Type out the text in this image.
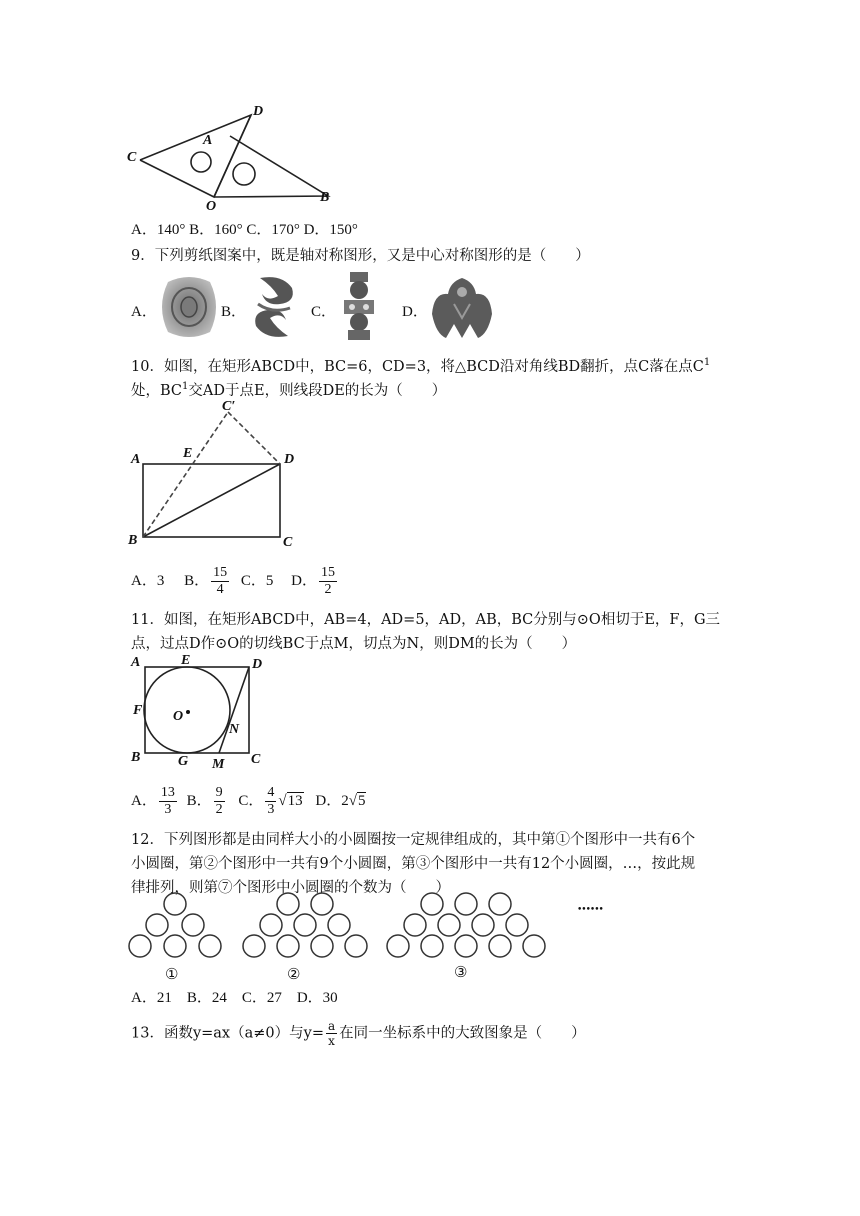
C
A
D
O
B
A．140° B．160° C．170° D．150°
9．下列剪纸图案中，既是轴对称图形，又是中心对称图形的是（　　）
A．	B．	C．	D．
10．如图，在矩形ABCD中，BC=6，CD=3，将△BCD沿对角线BD翻折，点C落在点$C^1$
处，$BC^1$交AD于点E，则线段DE的长为（　　）
C′
A	E	D
B	C
A．3 B． $\frac{15}{4}$ C．5 D． $\frac{15}{2}$
11．如图，在矩形ABCD中，AB=4，AD=5，AD，AB，BC分别与⊙O相切于E，F，G三
点，过点D作⊙O的切线BC于点M，切点为N，则DM的长为（　　）
A	E	D
F O
N
B	G M C
A． $\frac{13}{3}$ B． $\frac{9}{2}$ C． $\frac{4}{3} √13$ D．2√5
12．下列图形都是由同样大小的小圆圈按一定规律组成的，其中第①个图形中一共有6个
小圆圈，第②个图形中一共有9个小圆圈，第③个图形中一共有12个小圆圈，…，按此规
律排列，则第⑦个图形中小圆圈的个数为（　　）
①	②	③
••••••
A．21　B．24　C．27　D．30
13．函数y=ax（a≠0）与$y= \frac{a}{x}$ 在同一坐标系中的大致图象是（　　）
